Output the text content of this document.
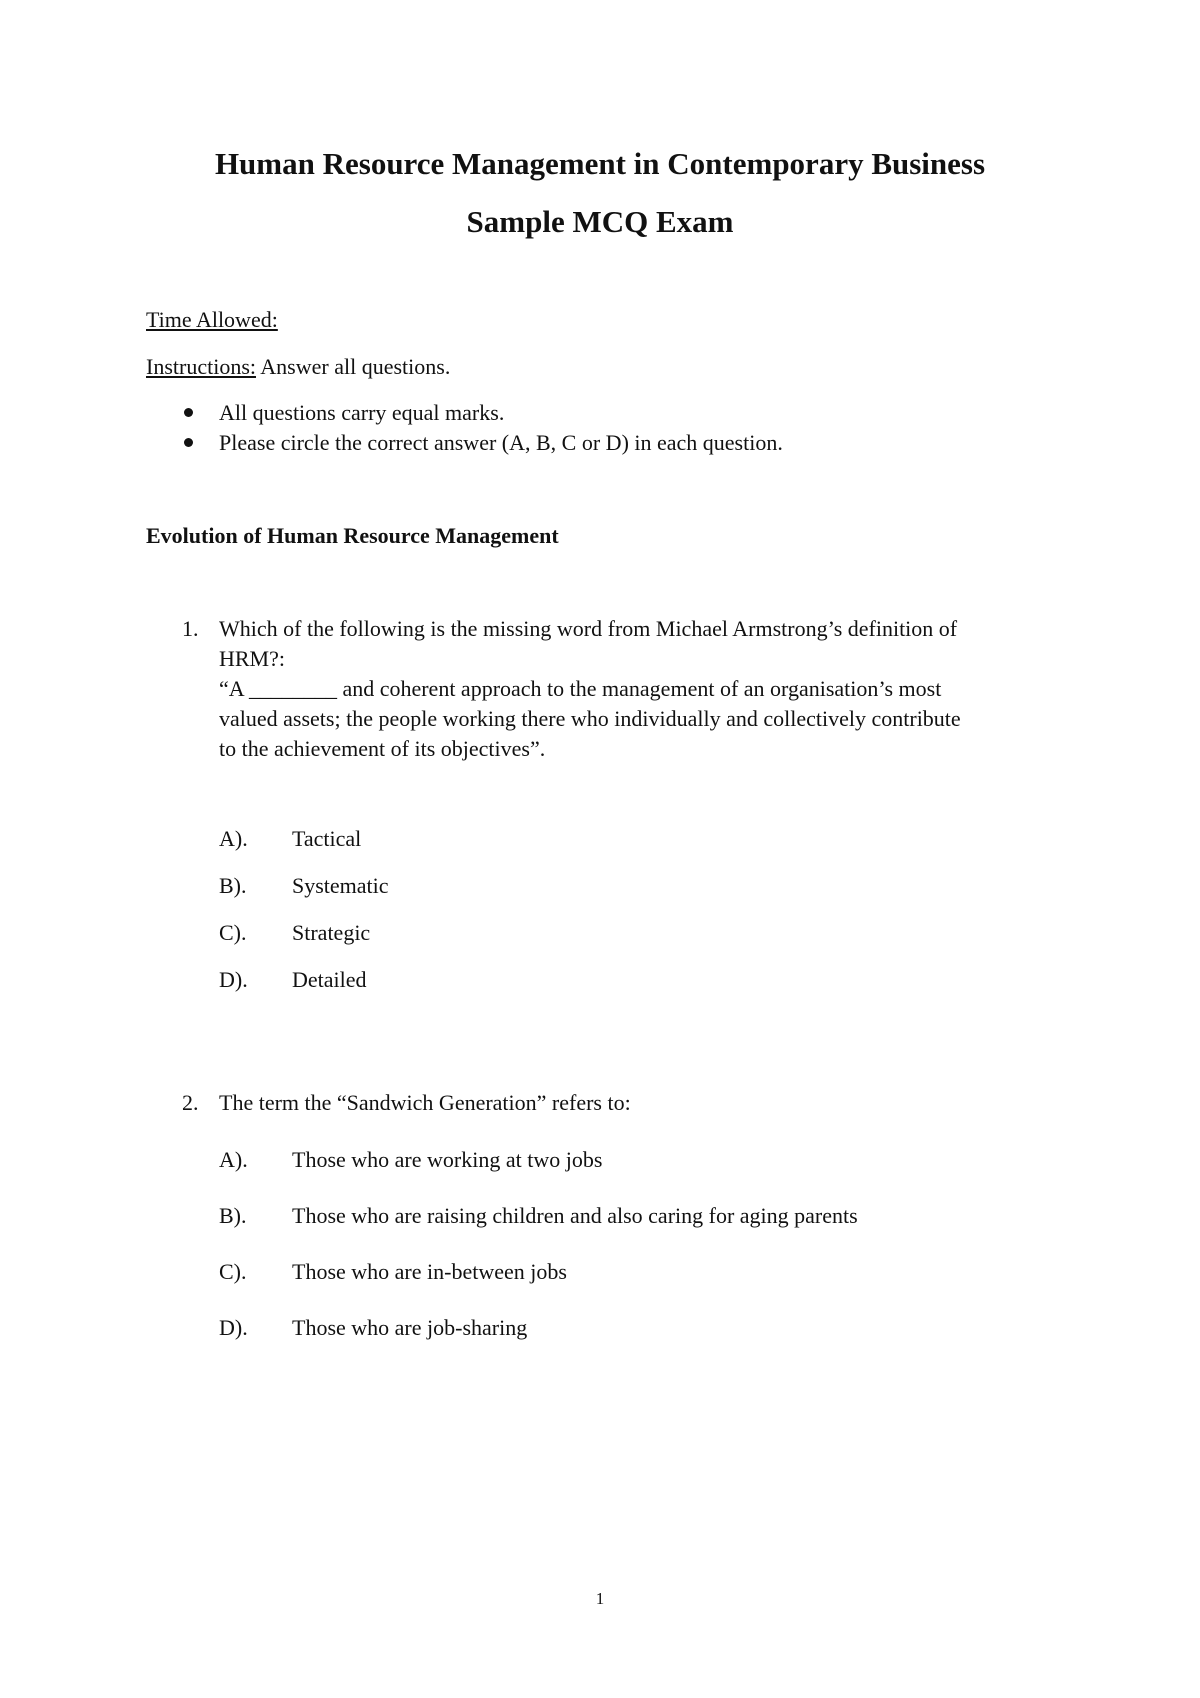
Human Resource Management in Contemporary Business
Sample MCQ Exam
Time Allowed:
Instructions: Answer all questions.
All questions carry equal marks.
Please circle the correct answer (A, B, C or D) in each question.
Evolution of Human Resource Management
1. Which of the following is the missing word from Michael Armstrong’s definition of
HRM?:
“A ________ and coherent approach to the management of an organisation’s most
valued assets; the people working there who individually and collectively contribute
to the achievement of its objectives”.
A). Tactical
B). Systematic
C). Strategic
D). Detailed
2. The term the “Sandwich Generation” refers to:
A). Those who are working at two jobs
B). Those who are raising children and also caring for aging parents
C). Those who are in-between jobs
D). Those who are job-sharing
1
